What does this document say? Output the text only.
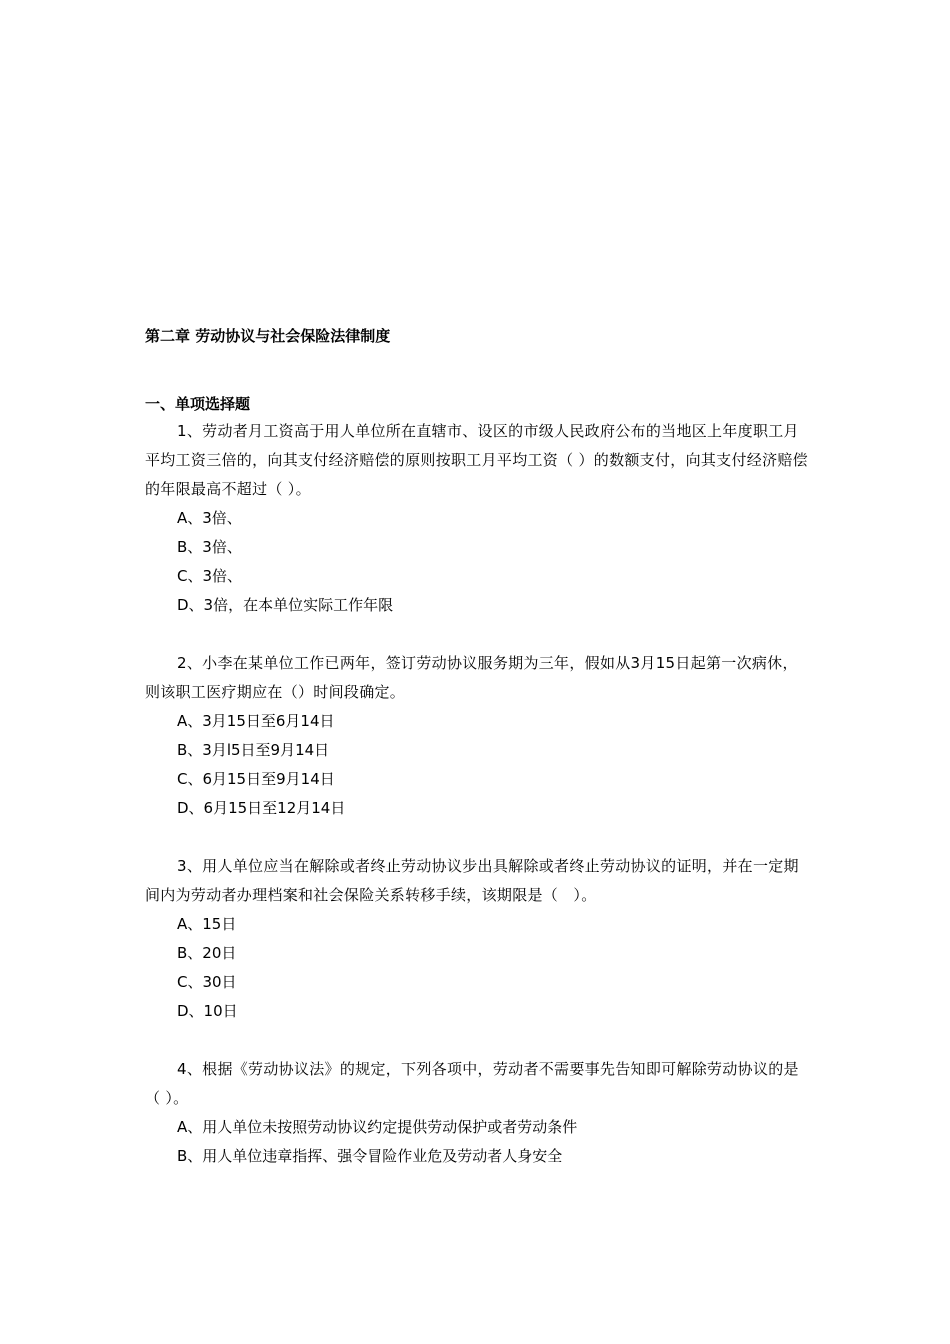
第二章 劳动协议与社会保险法律制度

一、单项选择题

1、劳动者月工资高于用人单位所在直辖市、设区的市级人民政府公布的当地区上年度职工月平均工资三倍的，向其支付经济赔偿的原则按职工月平均工资（ ）的数额支付，向其支付经济赔偿的年限最高不超过（ ）。

A、3倍、
B、3倍、
C、3倍、
D、3倍，在本单位实际工作年限

2、小李在某单位工作已两年，签订劳动协议服务期为三年，假如从3月15日起第一次病休，则该职工医疗期应在（）时间段确定。

A、3月15日至6月14日
B、3月l5日至9月14日
C、6月15日至9月14日
D、6月15日至12月14日

3、用人单位应当在解除或者终止劳动协议步出具解除或者终止劳动协议的证明，并在一定期间内为劳动者办理档案和社会保险关系转移手续，该期限是（　）。

A、15日
B、20日
C、30日
D、10日

4、根据《劳动协议法》的规定，下列各项中，劳动者不需要事先告知即可解除劳动协议的是（ ）。

A、用人单位未按照劳动协议约定提供劳动保护或者劳动条件
B、用人单位违章指挥、强令冒险作业危及劳动者人身安全
